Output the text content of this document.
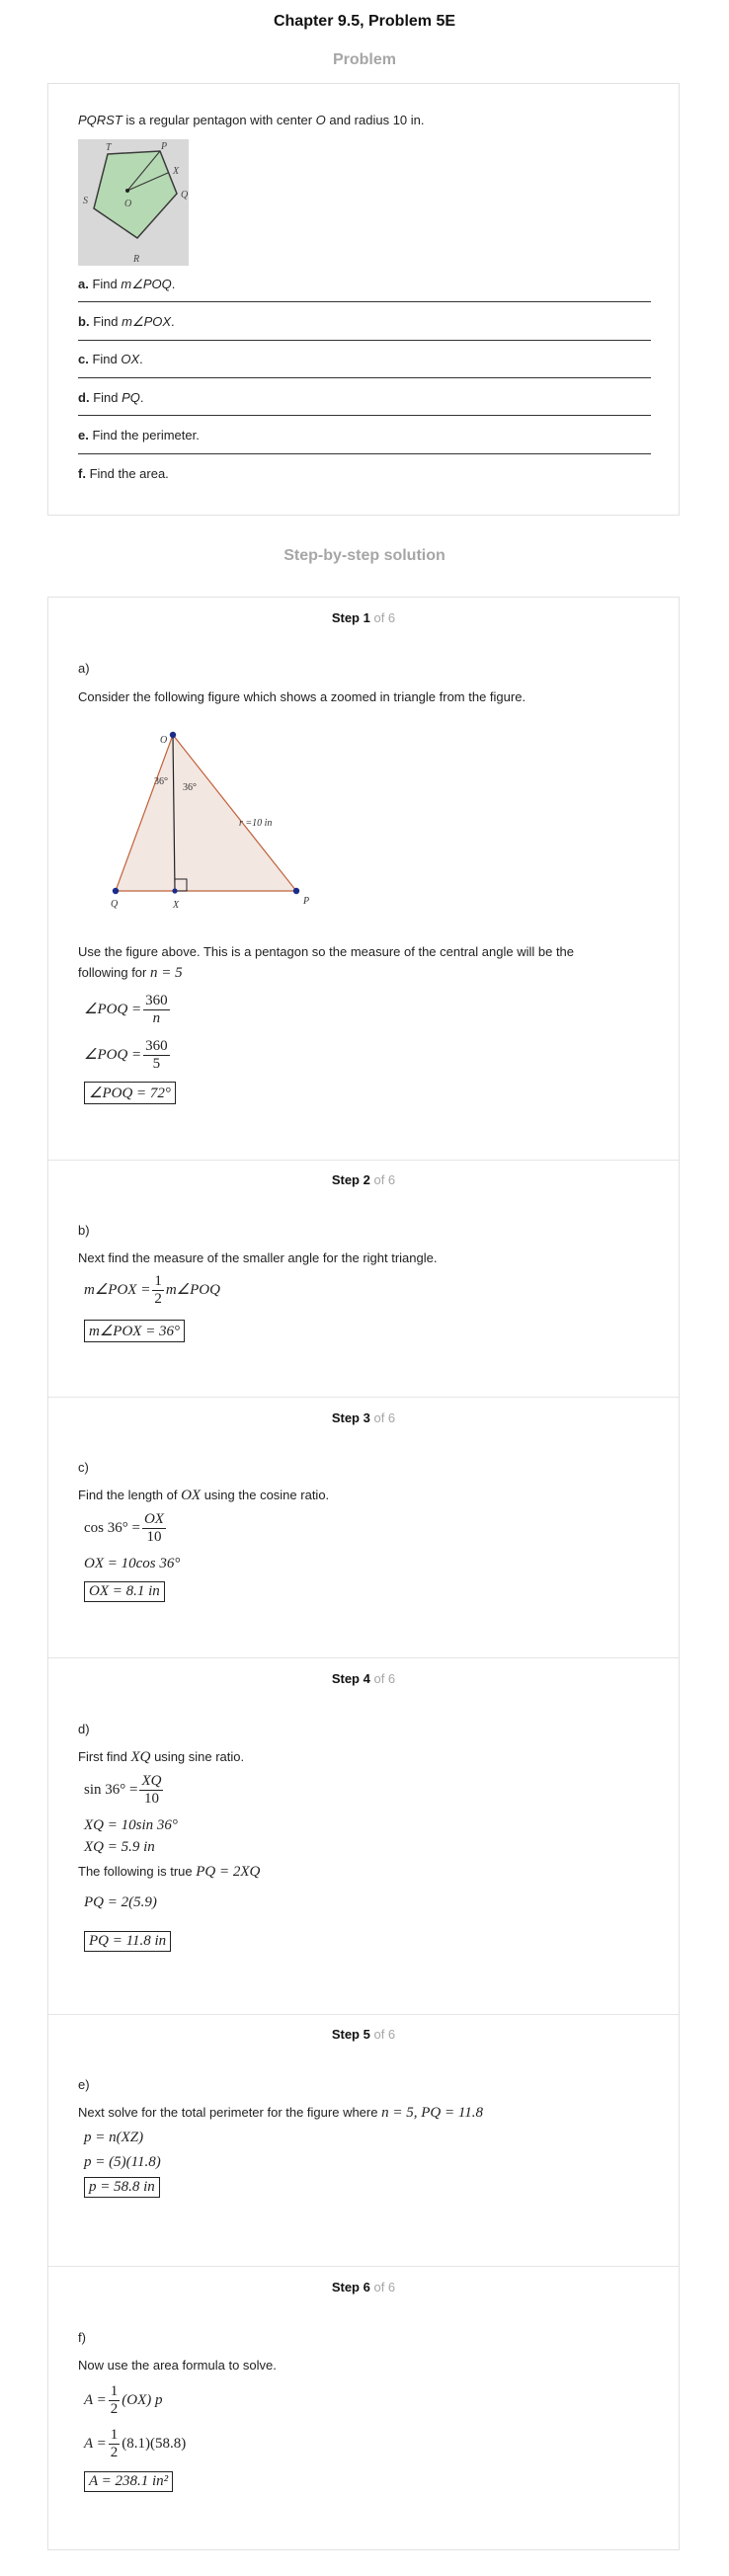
Chapter 9.5, Problem 5E
Problem
PQRST is a regular pentagon with center O and radius 10 in.
T	P
X
S	O
Q
R
a. Find m∠POQ.
b. Find m∠POX.
c. Find OX.
d. Find PQ.
e. Find the perimeter.
f. Find the area.
Step-by-step solution
Step 1 of 6
a)
Consider the following figure which shows a zoomed in triangle from the figure.
O
Q	X	P
36°
36°
r =10 in
Use the figure above. This is a pentagon so the measure of the central angle will be the
following for n = 5
∠POQ = $\frac{360}{n}$
∠POQ = $\frac{360}{5}$
∠POQ = 72°
Step 2 of 6
b)
Next find the measure of the smaller angle for the right triangle.
m∠POX = $\frac{1}{2}$ m∠POQ
m∠POX = 36°
Step 3 of 6
c)
Find the length of OX using the cosine ratio.
$\cos 36^\circ = \frac{OX}{10}$
OX = 10cos 36°
OX = 8.1 in
Step 4 of 6
d)
First find XQ using sine ratio.
$\sin 36^\circ = \frac{XQ}{10}$
XQ = 10sin 36°
XQ = 5.9 in
The following is true PQ = 2XQ
PQ = 2(5.9)
PQ = 11.8 in
Step 5 of 6
e)
Next solve for the total perimeter for the figure where n = 5, PQ = 11.8
p = n(XZ)
p = (5)(11.8)
p = 58.8 in
Step 6 of 6
f)
Now use the area formula to solve.
$A = \frac{1}{2} (OX)$ p
$A = \frac{1}{2} (8.1)(58.8)$
A = 238.1 in²
